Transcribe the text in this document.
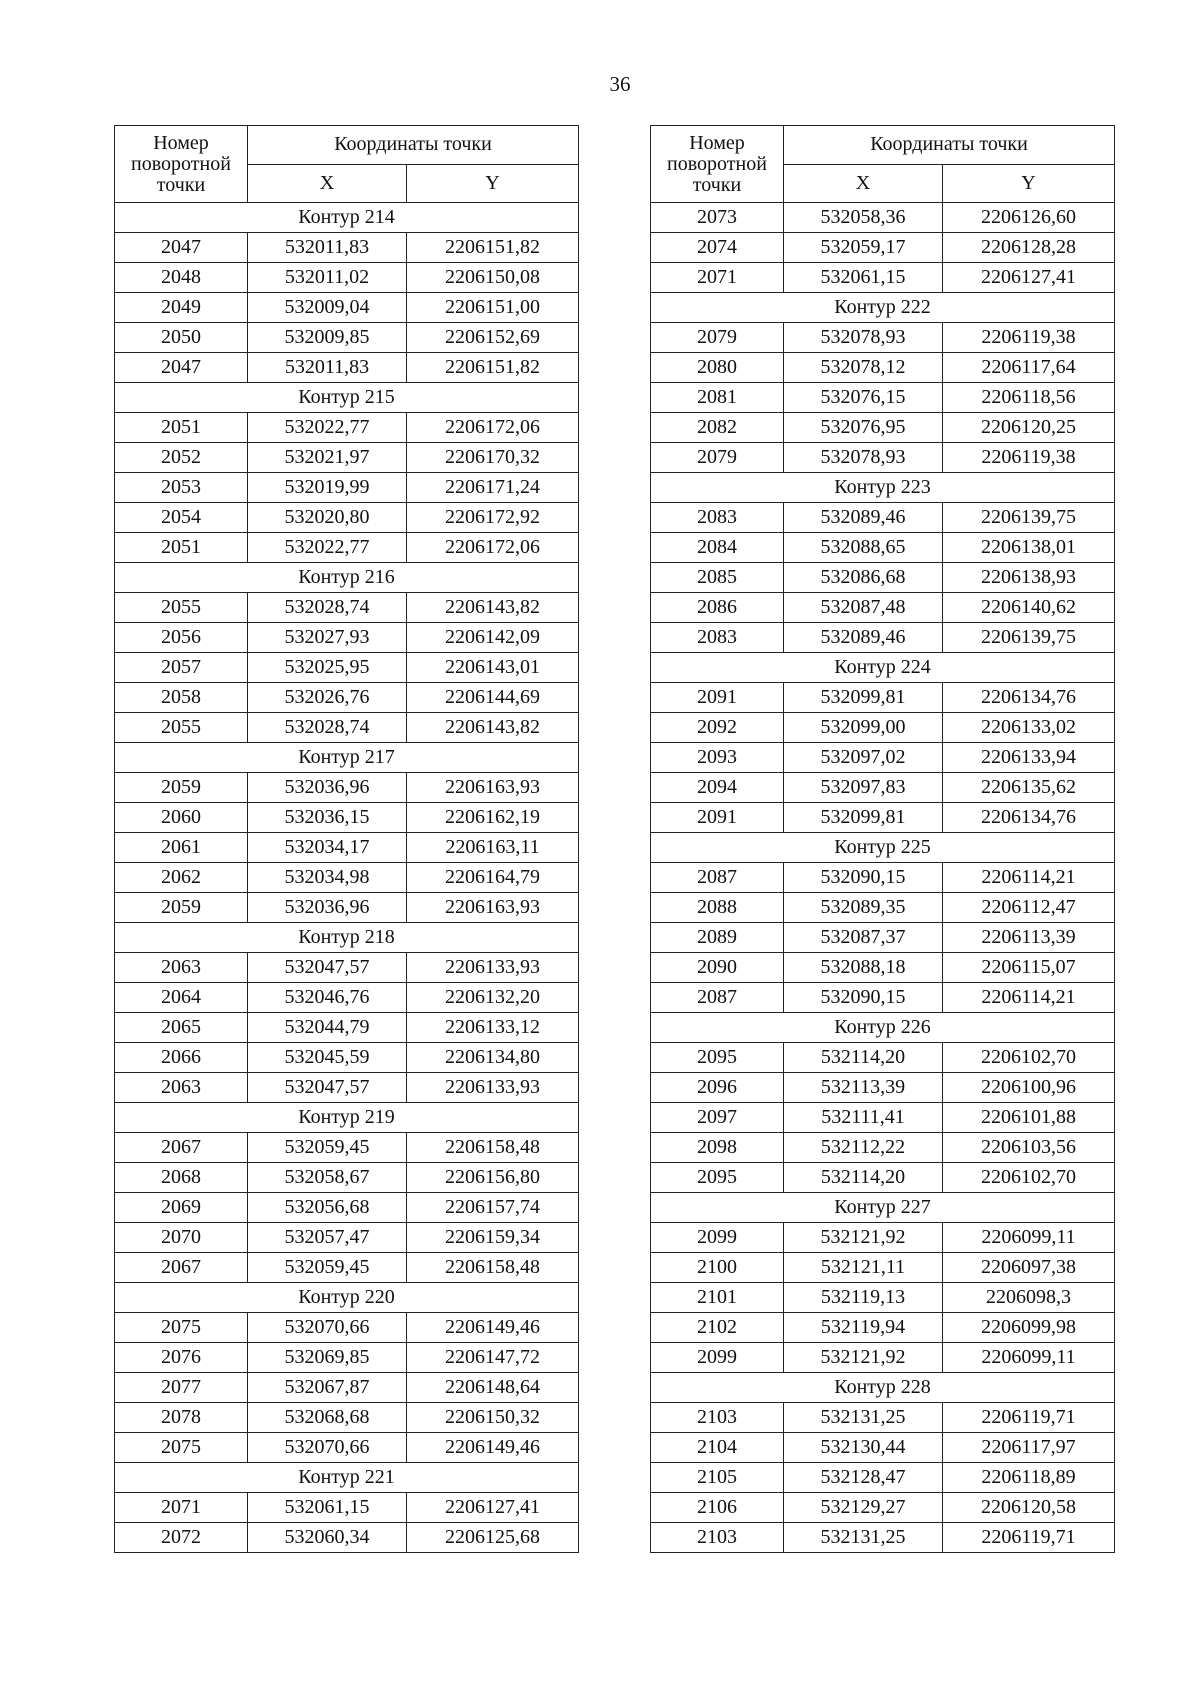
36
Номер поворотной точки	Координаты точки	
	X	Y
Контур 214		
2047	532011,83	2206151,82
2048	532011,02	2206150,08
2049	532009,04	2206151,00
2050	532009,85	2206152,69
2047	532011,83	2206151,82
Контур 215		
2051	532022,77	2206172,06
2052	532021,97	2206170,32
2053	532019,99	2206171,24
2054	532020,80	2206172,92
2051	532022,77	2206172,06
Контур 216		
2055	532028,74	2206143,82
2056	532027,93	2206142,09
2057	532025,95	2206143,01
2058	532026,76	2206144,69
2055	532028,74	2206143,82
Контур 217		
2059	532036,96	2206163,93
2060	532036,15	2206162,19
2061	532034,17	2206163,11
2062	532034,98	2206164,79
2059	532036,96	2206163,93
Контур 218		
2063	532047,57	2206133,93
2064	532046,76	2206132,20
2065	532044,79	2206133,12
2066	532045,59	2206134,80
2063	532047,57	2206133,93
Контур 219		
2067	532059,45	2206158,48
2068	532058,67	2206156,80
2069	532056,68	2206157,74
2070	532057,47	2206159,34
2067	532059,45	2206158,48
Контур 220		
2075	532070,66	2206149,46
2076	532069,85	2206147,72
2077	532067,87	2206148,64
2078	532068,68	2206150,32
2075	532070,66	2206149,46
Контур 221		
2071	532061,15	2206127,41
2072	532060,34	2206125,68
Номер поворотной точки	Координаты точки	
	X	Y
2073	532058,36	2206126,60
2074	532059,17	2206128,28
2071	532061,15	2206127,41
Контур 222		
2079	532078,93	2206119,38
2080	532078,12	2206117,64
2081	532076,15	2206118,56
2082	532076,95	2206120,25
2079	532078,93	2206119,38
Контур 223		
2083	532089,46	2206139,75
2084	532088,65	2206138,01
2085	532086,68	2206138,93
2086	532087,48	2206140,62
2083	532089,46	2206139,75
Контур 224		
2091	532099,81	2206134,76
2092	532099,00	2206133,02
2093	532097,02	2206133,94
2094	532097,83	2206135,62
2091	532099,81	2206134,76
Контур 225		
2087	532090,15	2206114,21
2088	532089,35	2206112,47
2089	532087,37	2206113,39
2090	532088,18	2206115,07
2087	532090,15	2206114,21
Контур 226		
2095	532114,20	2206102,70
2096	532113,39	2206100,96
2097	532111,41	2206101,88
2098	532112,22	2206103,56
2095	532114,20	2206102,70
Контур 227		
2099	532121,92	2206099,11
2100	532121,11	2206097,38
2101	532119,13	2206098,3
2102	532119,94	2206099,98
2099	532121,92	2206099,11
Контур 228		
2103	532131,25	2206119,71
2104	532130,44	2206117,97
2105	532128,47	2206118,89
2106	532129,27	2206120,58
2103	532131,25	2206119,71
